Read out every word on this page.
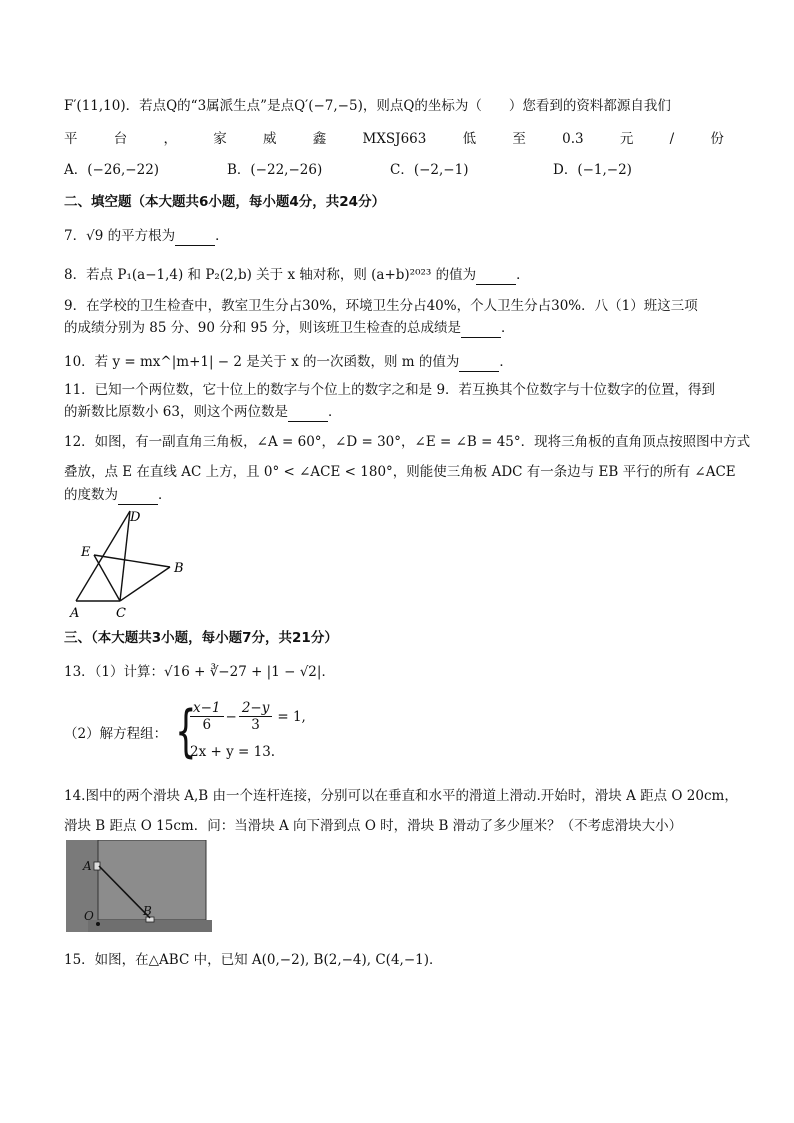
F′(11,10)．若点Q的“3属派生点”是点Q′(−7,−5)，则点Q的坐标为（　　）您看到的资料都源自我们
平	台	，	家	威	鑫	MXSJ663	低	至	0.3	元	/	份
A．(−26,−22)	B．(−22,−26)	C．(−2,−1)	D．(−1,−2)
二、填空题（本大题共6小题，每小题4分，共24分）
7．√9 的平方根为	．
8．若点 P₁(a−1,4) 和 P₂(2,b) 关于 x 轴对称，则 (a+b)²⁰²³ 的值为	．
9．在学校的卫生检查中，教室卫生分占30%，环境卫生分占40%，个人卫生分占30%．八（1）班这三项
的成绩分别为 85 分、90 分和 95 分，则该班卫生检查的总成绩是	．
10．若 y = mx^|m+1| − 2 是关于 x 的一次函数，则 m 的值为	．
11．已知一个两位数，它十位上的数字与个位上的数字之和是 9．若互换其个位数字与十位数字的位置，得到
的新数比原数小 63，则这个两位数是	．
12．如图，有一副直角三角板，∠A = 60°，∠D = 30°，∠E = ∠B = 45°．现将三角板的直角顶点按照图中方式
叠放，点 E 在直线 AC 上方，且 0° < ∠ACE < 180°，则能使三角板 ADC 有一条边与 EB 平行的所有 ∠ACE
的度数为	．
D
E
B
A	C
三、（本大题共3小题，每小题7分，共21分）
13．（1）计算：√16 + ∛−27 + |1 − √2|．
（2）解方程组： {
$\frac{x-1}{6} - \frac{2-y}{3} = 1$,
2x + y = 13.
14.图中的两个滑块 A,B 由一个连杆连接，分别可以在垂直和水平的滑道上滑动.开始时，滑块 A 距点 O 20cm，
滑块 B 距点 O 15cm．问：当滑块 A 向下滑到点 O 时，滑块 B 滑动了多少厘米？（不考虑滑块大小）
A
O	B
15．如图，在△ABC 中，已知 A(0,−2), B(2,−4), C(4,−1)．
